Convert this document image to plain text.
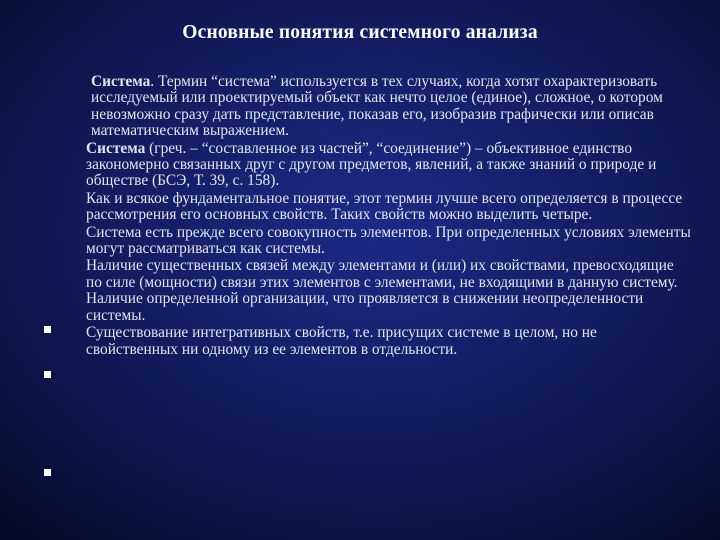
Основные понятия системного анализа

Система. Термин “система” используется в тех случаях, когда хотят охарактеризовать исследуемый или проектируемый объект как нечто целое (единое), сложное, о котором невозможно сразу дать представление, показав его, изобразив графически или описав математическим выражением.

Система (греч. – “составленное из частей”, “соединение”) – объективное единство закономерно связанных друг с другом предметов, явлений, а также знаний о природе и обществе (БСЭ, Т. 39, с. 158).

Как и всякое фундаментальное понятие, этот термин лучше всего определяется в процессе рассмотрения его основных свойств. Таких свойств можно выделить четыре.

Система есть прежде всего совокупность элементов. При определенных условиях элементы могут рассматриваться как системы.

Наличие существенных связей между элементами и (или) их свойствами, превосходящие по силе (мощности) связи этих элементов с элементами, не входящими в данную систему. Наличие определенной организации, что проявляется в снижении неопределенности системы.

Существование интегративных свойств, т.е. присущих системе в целом, но не свойственных ни одному из ее элементов в отдельности.
